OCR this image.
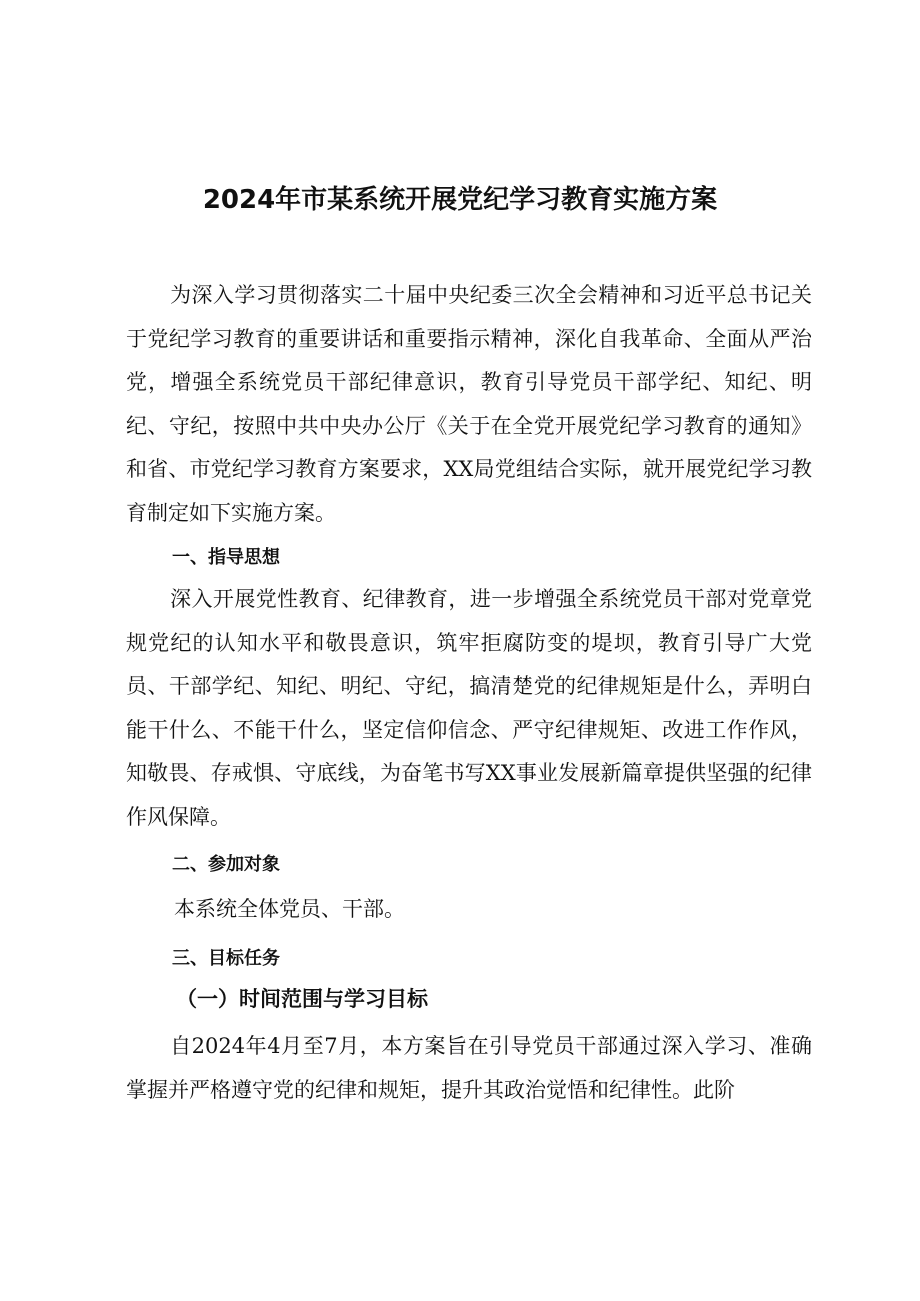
2024年市某系统开展党纪学习教育实施方案

为深入学习贯彻落实二十届中央纪委三次全会精神和习近平总书记关于党纪学习教育的重要讲话和重要指示精神，深化自我革命、全面从严治党，增强全系统党员干部纪律意识，教育引导党员干部学纪、知纪、明纪、守纪，按照中共中央办公厅《关于在全党开展党纪学习教育的通知》和省、市党纪学习教育方案要求，XX局党组结合实际，就开展党纪学习教育制定如下实施方案。

一、指导思想

深入开展党性教育、纪律教育，进一步增强全系统党员干部对党章党规党纪的认知水平和敬畏意识，筑牢拒腐防变的堤坝，教育引导广大党员、干部学纪、知纪、明纪、守纪，搞清楚党的纪律规矩是什么，弄明白能干什么、不能干什么，坚定信仰信念、严守纪律规矩、改进工作作风，知敬畏、存戒惧、守底线，为奋笔书写XX事业发展新篇章提供坚强的纪律作风保障。

二、参加对象

本系统全体党员、干部。

三、目标任务
（一）时间范围与学习目标

自2024年4月至7月，本方案旨在引导党员干部通过深入学习、准确掌握并严格遵守党的纪律和规矩，提升其政治觉悟和纪律性。此阶
